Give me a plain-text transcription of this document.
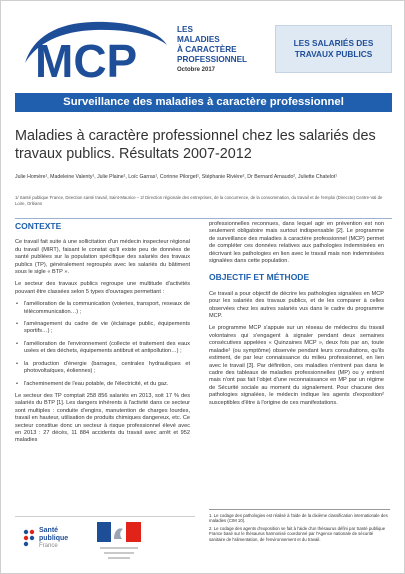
MCP
LES
MALADIES
À CARACTÈRE
PROFESSIONNEL
Octobre 2017
LES SALARIÉS DES TRAVAUX PUBLICS
Surveillance des maladies à caractère professionnel
Maladies à caractère professionnel chez les salariés des travaux publics. Résultats 2007-2012
Julie Homère¹, Madeleine Valenty¹, Julie Plaine¹, Loïc Garras¹, Corinne Pilorget¹, Stéphanie Rivière², Dr Bernard Arnaudo², Juliette Chatelot¹
1/ Santé publique France, Direction santé travail, Saint-Maurice – 2/ Direction régionale des entreprises, de la concurrence, de la consommation, du travail et de l'emploi (Direccte) Centre-Val de Loire, Orléans
CONTEXTE

Ce travail fait suite à une sollicitation d'un médecin inspecteur régional du travail (MIRT), faisant le constat qu'il existe peu de données de santé publiées sur la population spécifique des salariés des travaux publics (TP), généralement regroupés avec les salariés du bâtiment sous le sigle « BTP ».

Le secteur des travaux publics regroupe une multitude d'activités pouvant être classées selon 5 types d'ouvrages permettant :

• l'amélioration de la communication (voieries, transport, reseaux de télécommunication…) ;
• l'aménagement du cadre de vie (éclairage public, équipements sportifs…) ;
• l'amélioration de l'environnement (collecte et traitement des eaux usées et des déchets, équipements antibruit et antipollution…) ;
• la production d'énergie (barrages, centrales hydrauliques et photovoltaïques, éoliennes) ;
• l'acheminement de l'eau potable, de l'électricité, et du gaz.

Le secteur des TP comptait 258 856 salariés en 2013, soit 17 % des salariés du BTP [1]. Les dangers inhérents à l'activité dans ce secteur sont multiples : conduite d'engins, manutention de charges lourdes, travail en hauteur, utilisation de produits chimiques dangereux, etc. Ce secteur constitue donc un secteur à risque professionnel élevé avec en 2013 : 27 décès, 11 884 accidents du travail avec arrêt et 952 maladies

professionnelles reconnues, dans lequel agir en prévention est non seulement obligatoire mais surtout indispensable [2]. Le programme de surveillance des maladies à caractère professionnel (MCP) permet de compléter ces données relatives aux pathologies indemnisées en décrivant les pathologies en lien avec le travail mais non indemnisées signalées dans cette population.

OBJECTIF ET MÉTHODE

Ce travail a pour objectif de décrire les pathologies signalées en MCP pour les salariés des travaux publics, et de les comparer à celles observées chez les autres salariés vus dans le cadre du programme MCP.

Le programme MCP s'appuie sur un réseau de médecins du travail volontaires qui s'engagent à signaler pendant deux semaines consécutives appelées « Quinzaines MCP », deux fois par an, toute maladie¹ (ou symptôme) observée pendant leurs consultations, qu'ils estiment, de par leur connaissance du milieu professionnel, en lien avec le travail [3]. Par définition, ces maladies n'entrent pas dans le cadre des tableaux de maladies professionnelles (MP) ou y entrent mais n'ont pas fait l'objet d'une reconnaissance en MP par un régime de Sécurité sociale au moment du signalement. Pour chacune des pathologies signalées, le médecin indique les agents d'exposition² susceptibles d'être à l'origine de ces manifestations.

1. Le codage des pathologies est réalisé à l'aide de la dixième classification internationale des maladies (CIM 10).

2. Le codage des agents d'exposition se fait à l'aide d'un thésaurus défini par Santé publique France basé sur le thésaurus harmonisé coordonné par l'Agence nationale de sécurité sanitaire de l'alimentation, de l'environnement et du travail.

Santé
publique
France
